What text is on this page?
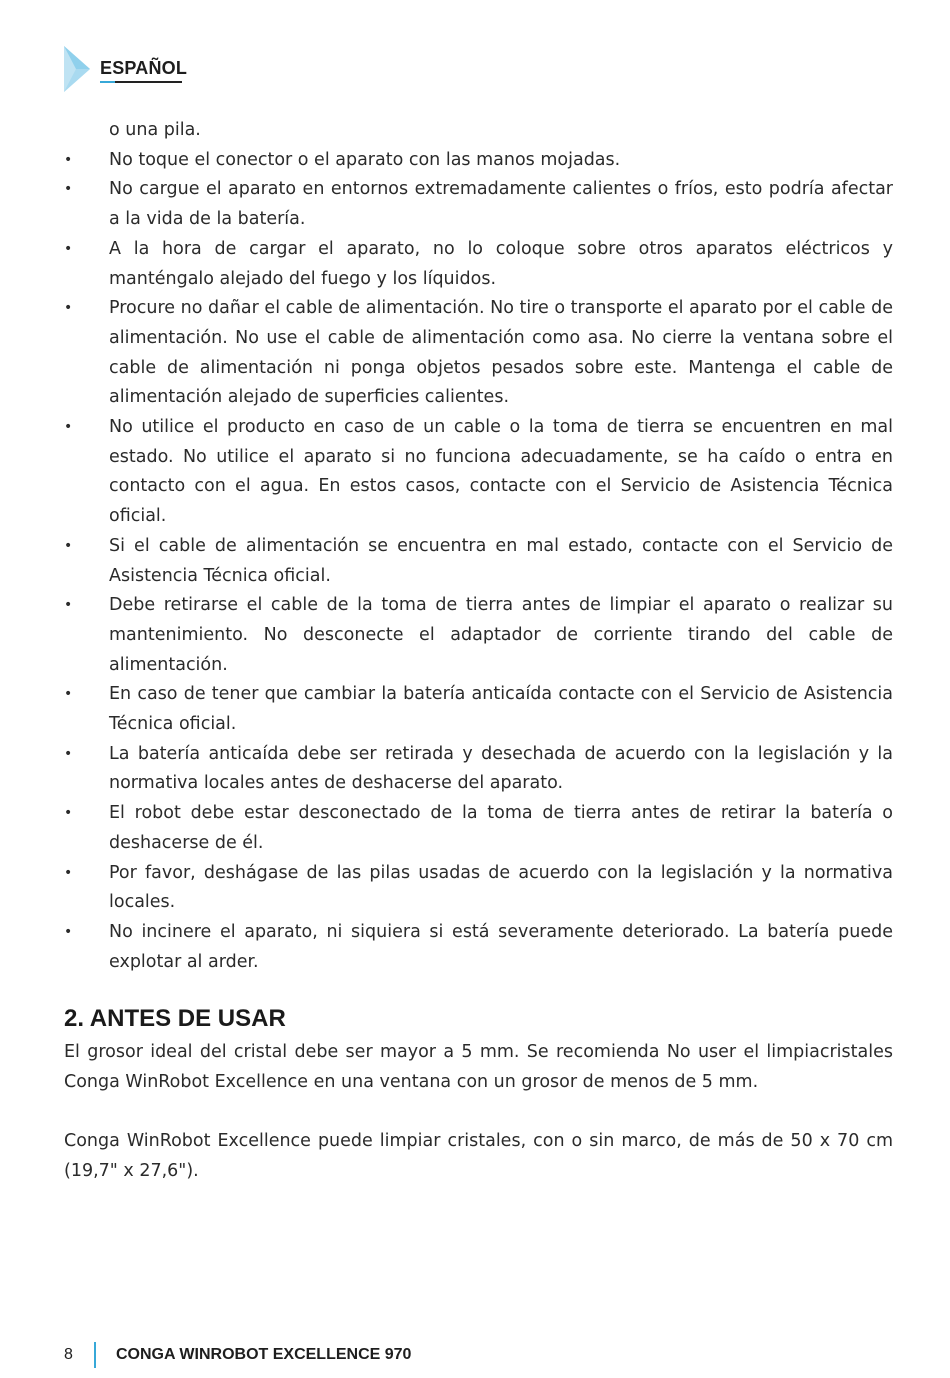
ESPAÑOL

o una pila.

• No toque el conector o el aparato con las manos mojadas.
• No cargue el aparato en entornos extremadamente calientes o fríos, esto podría afectar a la vida de la batería.
• A la hora de cargar el aparato, no lo coloque sobre otros aparatos eléctricos y manténgalo alejado del fuego y los líquidos.
• Procure no dañar el cable de alimentación. No tire o transporte el aparato por el cable de alimentación. No use el cable de alimentación como asa. No cierre la ventana sobre el cable de alimentación ni ponga objetos pesados sobre este. Mantenga el cable de alimentación alejado de superficies calientes.
• No utilice el producto en caso de un cable o la toma de tierra se encuentren en mal estado. No utilice el aparato si no funciona adecuadamente, se ha caído o entra en contacto con el agua. En estos casos, contacte con el Servicio de Asistencia Técnica oficial.
• Si el cable de alimentación se encuentra en mal estado, contacte con el Servicio de Asistencia Técnica oficial.
• Debe retirarse el cable de la toma de tierra antes de limpiar el aparato o realizar su mantenimiento. No desconecte el adaptador de corriente tirando del cable de alimentación.
• En caso de tener que cambiar la batería anticaída contacte con el Servicio de Asistencia Técnica oficial.
• La batería anticaída debe ser retirada y desechada de acuerdo con la legislación y la normativa locales antes de deshacerse del aparato.
• El robot debe estar desconectado de la toma de tierra antes de retirar la batería o deshacerse de él.
• Por favor, deshágase de las pilas usadas de acuerdo con la legislación y la normativa locales.
• No incinere el aparato, ni siquiera si está severamente deteriorado. La batería puede explotar al arder.
2. ANTES DE USAR

El grosor ideal del cristal debe ser mayor a 5 mm. Se recomienda No user el limpiacristales Conga WinRobot Excellence en una ventana con un grosor de menos de 5 mm.

Conga WinRobot Excellence puede limpiar cristales, con o sin marco, de más de 50 x 70 cm (19,7" x 27,6").

8	CONGA WINROBOT EXCELLENCE 970
